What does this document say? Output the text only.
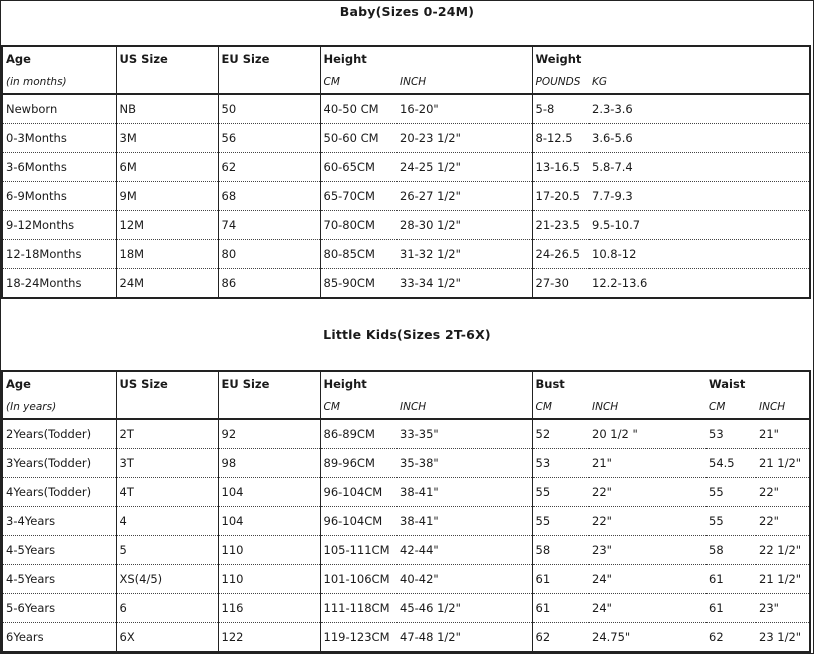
Baby(Sizes 0-24M)
Age	US Size	EU Size	Height		Weight	
(in months)			CM	INCH	POUNDS	KG
Newborn	NB	50	40-50 CM	16-20"	5-8	2.3-3.6
0-3Months	3M	56	50-60 CM	20-23 1/2"	8-12.5	3.6-5.6
3-6Months	6M	62	60-65CM	24-25 1/2"	13-16.5	5.8-7.4
6-9Months	9M	68	65-70CM	26-27 1/2"	17-20.5	7.7-9.3
9-12Months	12M	74	70-80CM	28-30 1/2"	21-23.5	9.5-10.7
12-18Months	18M	80	80-85CM	31-32 1/2"	24-26.5	10.8-12
18-24Months	24M	86	85-90CM	33-34 1/2"	27-30	12.2-13.6
Little Kids(Sizes 2T-6X)
Age	US Size	EU Size	Height		Bust		Waist	
(In years)			CM	INCH	CM	INCH	CM	INCH
2Years(Todder)	2T	92	86-89CM	33-35"	52	20 1/2 "	53	21"
3Years(Todder)	3T	98	89-96CM	35-38"	53	21"	54.5	21 1/2"
4Years(Todder)	4T	104	96-104CM	38-41"	55	22"	55	22"
3-4Years	4	104	96-104CM	38-41"	55	22"	55	22"
4-5Years	5	110	105-111CM	42-44"	58	23"	58	22 1/2"
4-5Years	XS(4/5)	110	101-106CM	40-42"	61	24"	61	21 1/2"
5-6Years	6	116	111-118CM	45-46 1/2"	61	24"	61	23"
6Years	6X	122	119-123CM	47-48 1/2"	62	24.75"	62	23 1/2"
